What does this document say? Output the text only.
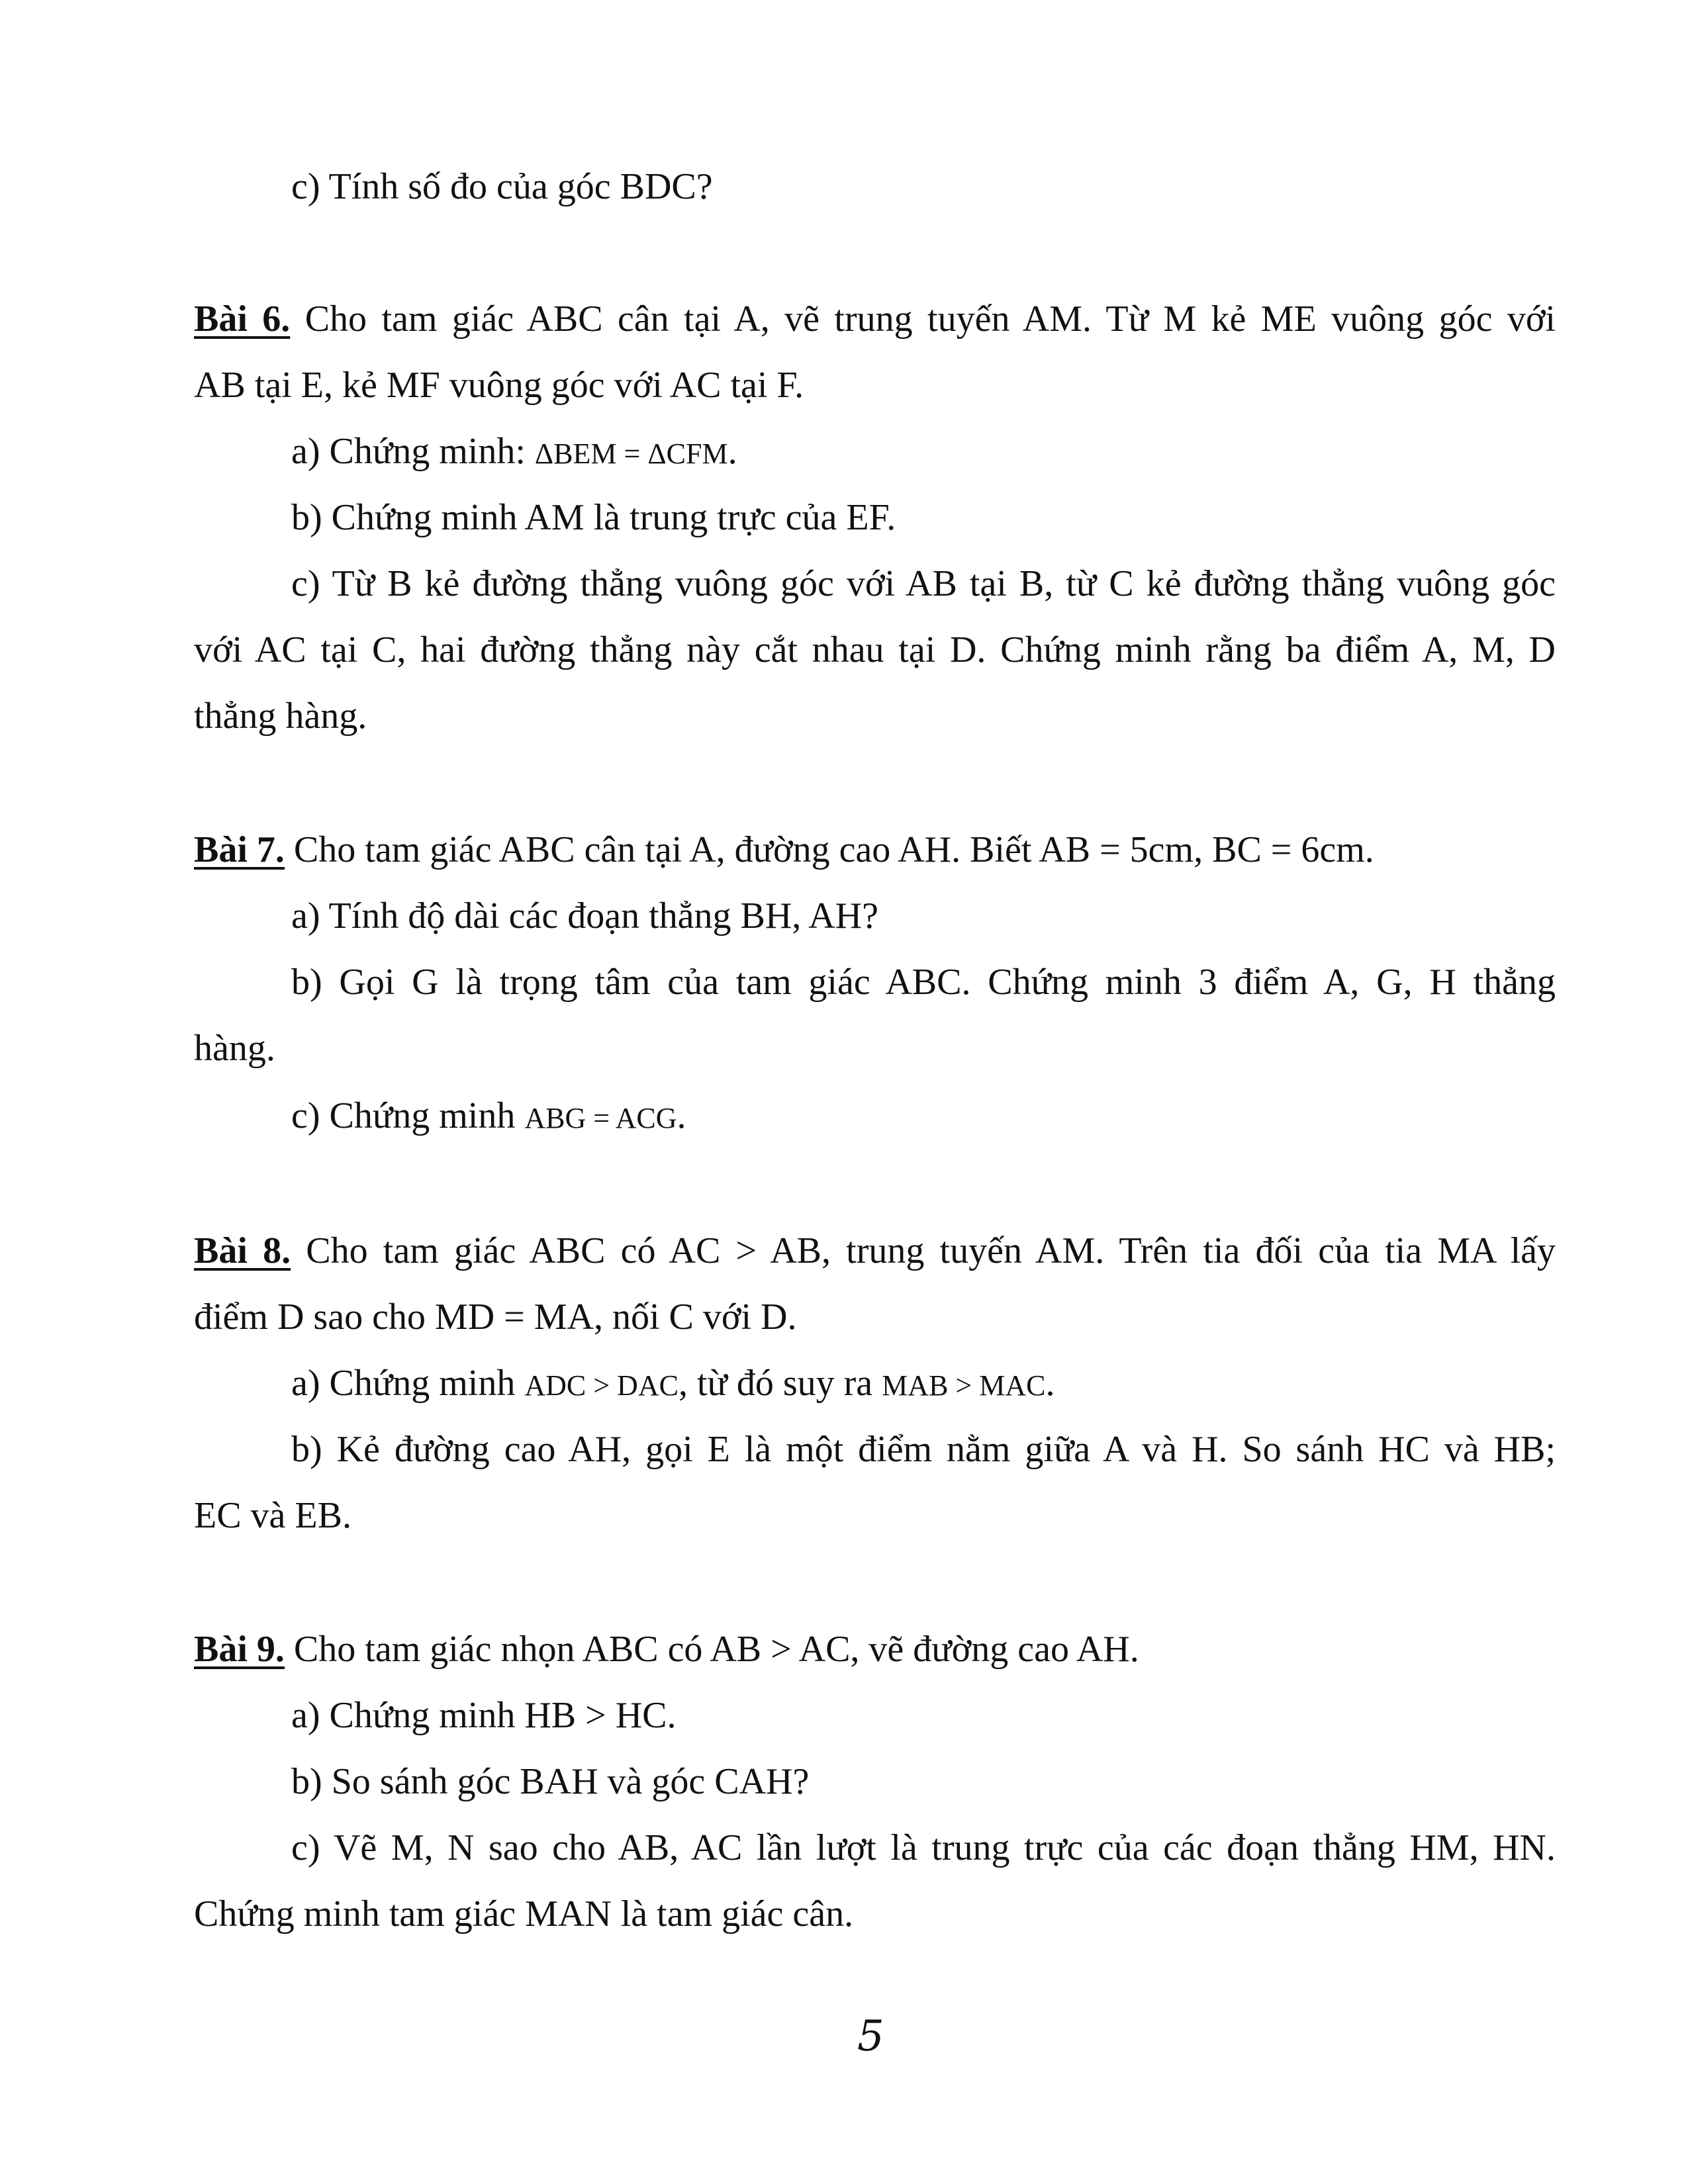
c) Tính số đo của góc BDC?
Bài 6. Cho tam giác ABC cân tại A, vẽ trung tuyến AM. Từ M kẻ ME vuông góc với
AB tại E, kẻ MF vuông góc với AC tại F.
a) Chứng minh: ΔBEM = ΔCFM.
b) Chứng minh AM là trung trực của EF.
c) Từ B kẻ đường thẳng vuông góc với AB tại B, từ C kẻ đường thẳng vuông góc
với AC tại C, hai đường thẳng này cắt nhau tại D. Chứng minh rằng ba điểm A, M, D
thẳng hàng.
Bài 7. Cho tam giác ABC cân tại A, đường cao AH. Biết AB = 5cm, BC = 6cm.
a) Tính độ dài các đoạn thẳng BH, AH?
b) Gọi G là trọng tâm của tam giác ABC. Chứng minh 3 điểm A, G, H thẳng
hàng.
c) Chứng minh ABG = ACG.
Bài 8. Cho tam giác ABC có AC > AB, trung tuyến AM. Trên tia đối của tia MA lấy
điểm D sao cho MD = MA, nối C với D.
a) Chứng minh ADC > DAC, từ đó suy ra MAB > MAC.
b) Kẻ đường cao AH, gọi E là một điểm nằm giữa A và H. So sánh HC và HB;
EC và EB.
Bài 9. Cho tam giác nhọn ABC có AB > AC, vẽ đường cao AH.
a) Chứng minh HB > HC.
b) So sánh góc BAH và góc CAH?
c) Vẽ M, N sao cho AB, AC lần lượt là trung trực của các đoạn thẳng HM, HN.
Chứng minh tam giác MAN là tam giác cân.
5
